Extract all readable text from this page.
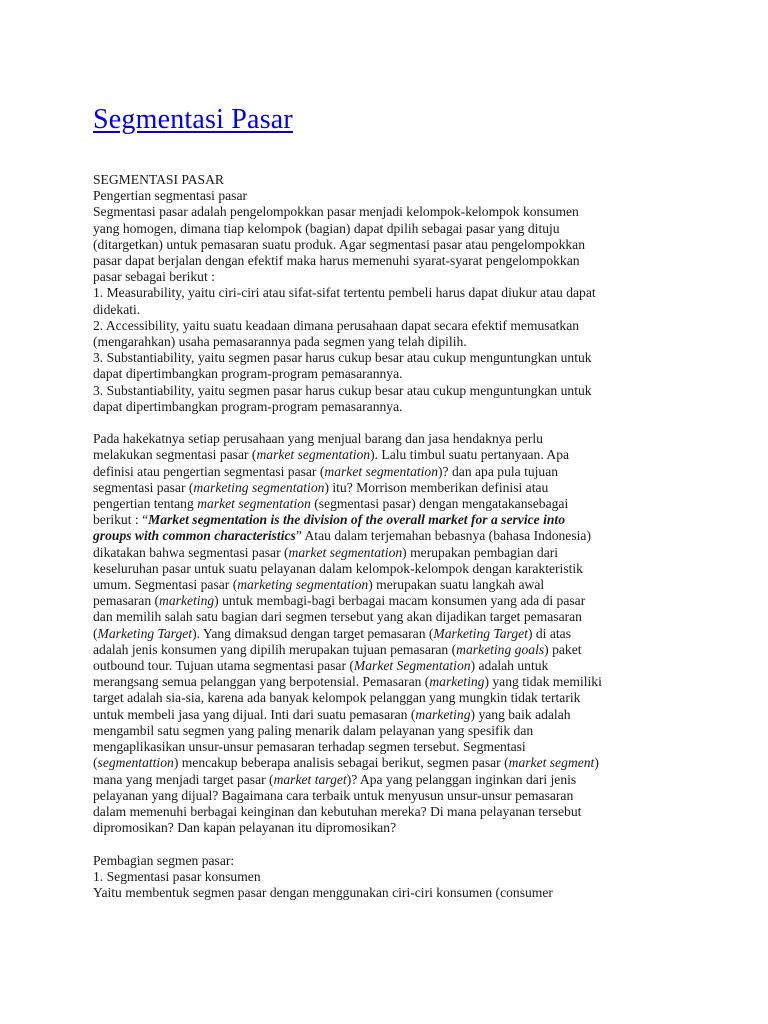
Segmentasi Pasar
SEGMENTASI PASAR
Pengertian segmentasi pasar
Segmentasi pasar adalah pengelompokkan pasar menjadi kelompok-kelompok konsumen
yang homogen, dimana tiap kelompok (bagian) dapat dpilih sebagai pasar yang dituju
(ditargetkan) untuk pemasaran suatu produk. Agar segmentasi pasar atau pengelompokkan
pasar dapat berjalan dengan efektif maka harus memenuhi syarat-syarat pengelompokkan
pasar sebagai berikut :
1. Measurability, yaitu ciri-ciri atau sifat-sifat tertentu pembeli harus dapat diukur atau dapat
didekati.
2. Accessibility, yaitu suatu keadaan dimana perusahaan dapat secara efektif memusatkan
(mengarahkan) usaha pemasarannya pada segmen yang telah dipilih.
3. Substantiability, yaitu segmen pasar harus cukup besar atau cukup menguntungkan untuk
dapat dipertimbangkan program-program pemasarannya.
3. Substantiability, yaitu segmen pasar harus cukup besar atau cukup menguntungkan untuk
dapat dipertimbangkan program-program pemasarannya.
Pada hakekatnya setiap perusahaan yang menjual barang dan jasa hendaknya perlu
melakukan segmentasi pasar (market segmentation). Lalu timbul suatu pertanyaan. Apa
definisi atau pengertian segmentasi pasar (market segmentation)? dan apa pula tujuan
segmentasi pasar (marketing segmentation) itu? Morrison memberikan definisi atau
pengertian tentang market segmentation (segmentasi pasar) dengan mengatakansebagai
berikut : “Market segmentation is the division of the overall market for a service into
groups with common characteristics” Atau dalam terjemahan bebasnya (bahasa Indonesia)
dikatakan bahwa segmentasi pasar (market segmentation) merupakan pembagian dari
keseluruhan pasar untuk suatu pelayanan dalam kelompok-kelompok dengan karakteristik
umum. Segmentasi pasar (marketing segmentation) merupakan suatu langkah awal
pemasaran (marketing) untuk membagi-bagi berbagai macam konsumen yang ada di pasar
dan memilih salah satu bagian dari segmen tersebut yang akan dijadikan target pemasaran
(Marketing Target). Yang dimaksud dengan target pemasaran (Marketing Target) di atas
adalah jenis konsumen yang dipilih merupakan tujuan pemasaran (marketing goals) paket
outbound tour. Tujuan utama segmentasi pasar (Market Segmentation) adalah untuk
merangsang semua pelanggan yang berpotensial. Pemasaran (marketing) yang tidak memiliki
target adalah sia-sia, karena ada banyak kelompok pelanggan yang mungkin tidak tertarik
untuk membeli jasa yang dijual. Inti dari suatu pemasaran (marketing) yang baik adalah
mengambil satu segmen yang paling menarik dalam pelayanan yang spesifik dan
mengaplikasikan unsur-unsur pemasaran terhadap segmen tersebut. Segmentasi
(segmentattion) mencakup beberapa analisis sebagai berikut, segmen pasar (market segment)
mana yang menjadi target pasar (market target)? Apa yang pelanggan inginkan dari jenis
pelayanan yang dijual? Bagaimana cara terbaik untuk menyusun unsur-unsur pemasaran
dalam memenuhi berbagai keinginan dan kebutuhan mereka? Di mana pelayanan tersebut
dipromosikan? Dan kapan pelayanan itu dipromosikan?
Pembagian segmen pasar:
1. Segmentasi pasar konsumen
Yaitu membentuk segmen pasar dengan menggunakan ciri-ciri konsumen (consumer
